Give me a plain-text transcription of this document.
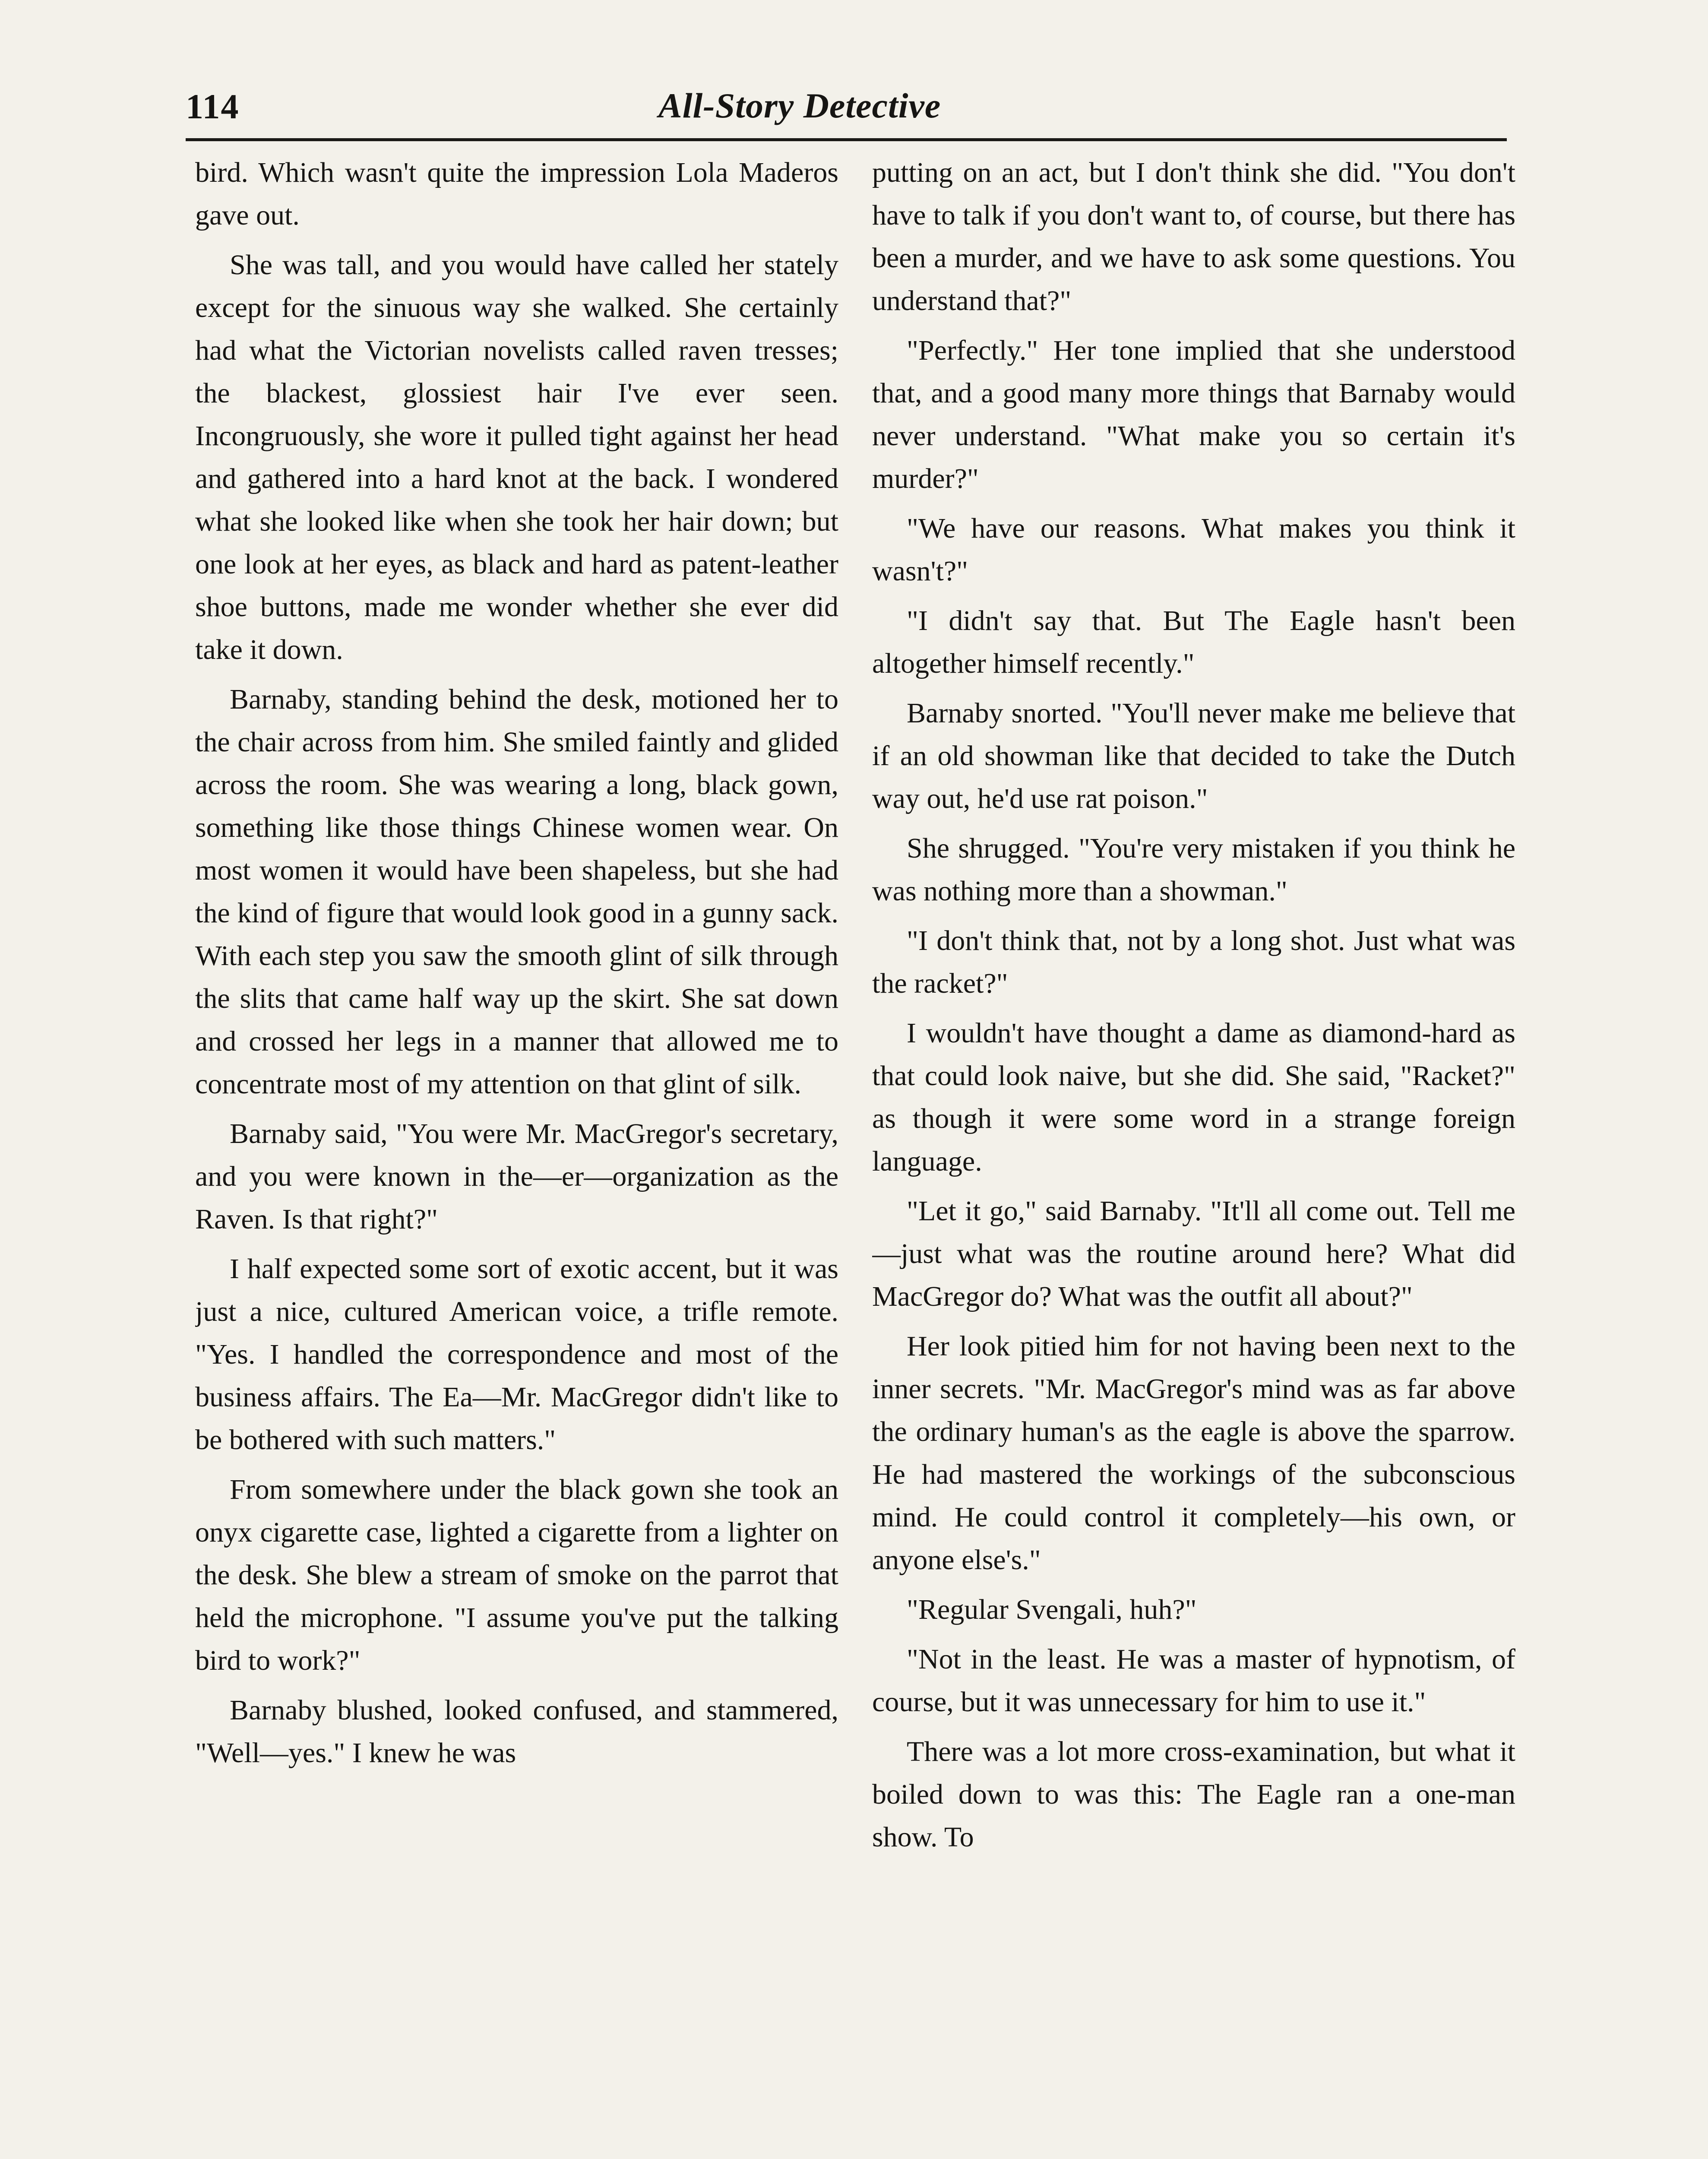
114	All-Story Detective

bird. Which wasn't quite the impression Lola Maderos gave out.

She was tall, and you would have called her stately except for the sinuous way she walked. She certainly had what the Victorian novelists called raven tresses; the blackest, glossiest hair I've ever seen. Incongruously, she wore it pulled tight against her head and gathered into a hard knot at the back. I wondered what she looked like when she took her hair down; but one look at her eyes, as black and hard as patent-leather shoe buttons, made me wonder whether she ever did take it down.

Barnaby, standing behind the desk, motioned her to the chair across from him. She smiled faintly and glided across the room. She was wearing a long, black gown, something like those things Chinese women wear. On most women it would have been shapeless, but she had the kind of figure that would look good in a gunny sack. With each step you saw the smooth glint of silk through the slits that came half way up the skirt. She sat down and crossed her legs in a manner that allowed me to concentrate most of my attention on that glint of silk.

Barnaby said, "You were Mr. MacGregor's secretary, and you were known in the—er—organization as the Raven. Is that right?"

I half expected some sort of exotic accent, but it was just a nice, cultured American voice, a trifle remote. "Yes. I handled the correspondence and most of the business affairs. The Ea—Mr. MacGregor didn't like to be bothered with such matters."

From somewhere under the black gown she took an onyx cigarette case, lighted a cigarette from a lighter on the desk. She blew a stream of smoke on the parrot that held the microphone. "I assume you've put the talking bird to work?"

Barnaby blushed, looked confused, and stammered, "Well—yes." I knew he was

putting on an act, but I don't think she did. "You don't have to talk if you don't want to, of course, but there has been a murder, and we have to ask some questions. You understand that?"

"Perfectly." Her tone implied that she understood that, and a good many more things that Barnaby would never understand. "What make you so certain it's murder?"

"We have our reasons. What makes you think it wasn't?"

"I didn't say that. But The Eagle hasn't been altogether himself recently."

Barnaby snorted. "You'll never make me believe that if an old showman like that decided to take the Dutch way out, he'd use rat poison."

She shrugged. "You're very mistaken if you think he was nothing more than a showman."

"I don't think that, not by a long shot. Just what was the racket?"

I wouldn't have thought a dame as diamond-hard as that could look naive, but she did. She said, "Racket?" as though it were some word in a strange foreign language.

"Let it go," said Barnaby. "It'll all come out. Tell me—just what was the routine around here? What did MacGregor do? What was the outfit all about?"

Her look pitied him for not having been next to the inner secrets. "Mr. MacGregor's mind was as far above the ordinary human's as the eagle is above the sparrow. He had mastered the workings of the subconscious mind. He could control it completely—his own, or anyone else's."

"Regular Svengali, huh?"

"Not in the least. He was a master of hypnotism, of course, but it was unnecessary for him to use it."

There was a lot more cross-examination, but what it boiled down to was this: The Eagle ran a one-man show. To
